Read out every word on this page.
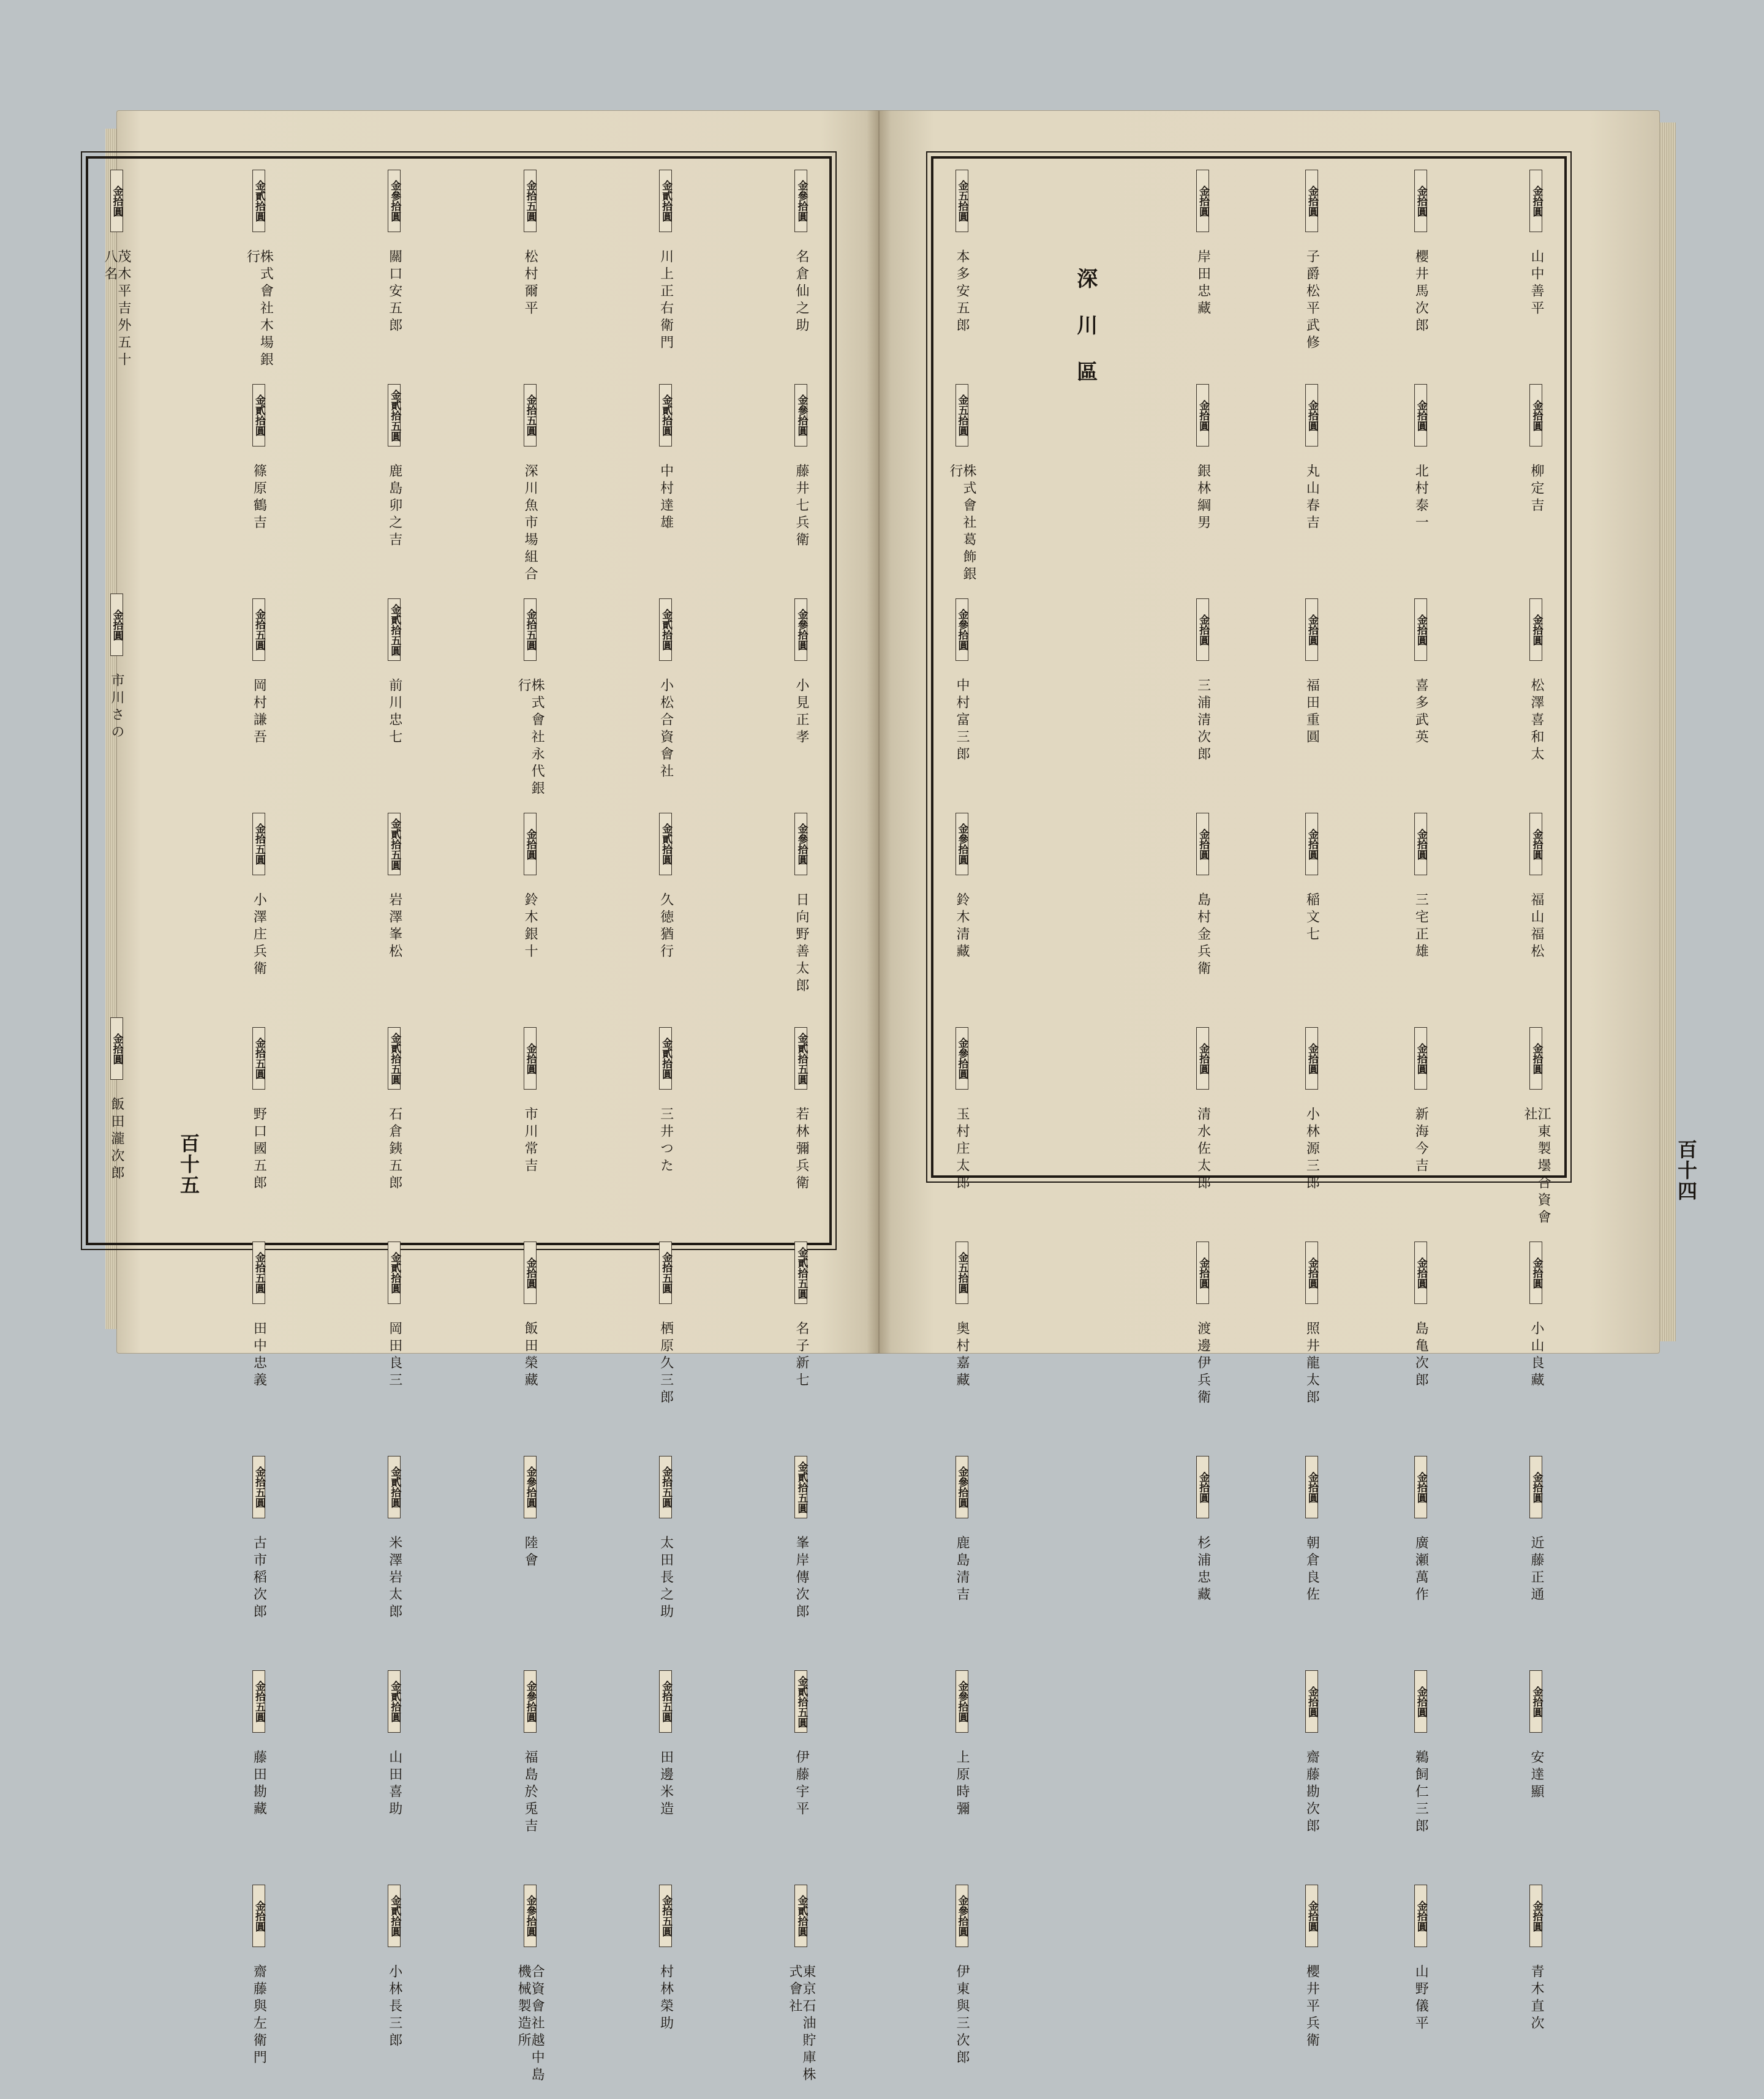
百十五	百十四
金參拾圓
名倉仙之助
金參拾圓
藤井七兵衛
金參拾圓
小見正孝
金參拾圓
日向野善太郎
金貳拾五圓
若林彌兵衛
金貳拾五圓
名子新七
金貳拾五圓
峯岸傳次郎
金貳拾五圓
伊藤宇平
金貳拾圓
東京石油貯庫株式會社
金貳拾圓
川上正右衛門
金貳拾圓
中村達雄
金貳拾圓
小松合資會社
金貳拾圓
久徳猶行
金貳拾圓
三井つた
金拾五圓
栖原久三郎
金拾五圓
太田長之助
金拾五圓
田邊米造
金拾五圓
村林榮助
金拾五圓
松村爾平
金拾五圓
深川魚市場組合
金拾五圓
株式會社永代銀行
金拾圓
鈴木銀十
金拾圓
市川常吉
金拾圓
飯田榮藏
金參拾圓
陸會
金參拾圓
福島於兎吉
金參拾圓
合資會社越中島機械製造所
金參拾圓
關口安五郎
金貳拾五圓
鹿島卯之吉
金貳拾五圓
前川忠七
金貳拾五圓
岩澤峯松
金貳拾五圓
石倉銕五郎
金貳拾圓
岡田良三
金貳拾圓
米澤岩太郎
金貳拾圓
山田喜助
金貳拾圓
小林長三郎
金貳拾圓
株式會社木場銀行
金貳拾圓
篠原鶴吉
金拾五圓
岡村謙吾
金拾五圓
小澤庄兵衛
金拾五圓
野口國五郎
金拾五圓
田中忠義
金拾五圓
古市稻次郎
金拾五圓
藤田勘藏
金拾圓
齋藤與左衛門
金拾圓
茂木平吉外五十八名
金拾圓
市川さの
金拾圓
飯田瀧次郎
金拾圓
山中善平
金拾圓
柳定吉
金拾圓
松澤喜和太
金拾圓
福山福松
金拾圓
江東製壜合資會社
金拾圓
小山良藏
金拾圓
近藤正通
金拾圓
安達顯
金拾圓
青木直次
金拾圓
櫻井馬次郎
金拾圓
北村泰一
金拾圓
喜多武英
金拾圓
三宅正雄
金拾圓
新海今吉
金拾圓
島亀次郎
金拾圓
廣瀬萬作
金拾圓
鵜飼仁三郎
金拾圓
山野儀平
金拾圓
子爵松平武修
金拾圓
丸山春吉
金拾圓
福田重圓
金拾圓
稲文七
金拾圓
小林源三郎
金拾圓
照井龍太郎
金拾圓
朝倉良佐
金拾圓
齋藤勘次郎
金拾圓
櫻井平兵衛
金拾圓
岸田忠藏
金拾圓
銀林綱男
金拾圓
三浦清次郎
金拾圓
島村金兵衛
金拾圓
清水佐太郎
金拾圓
渡邊伊兵衛
金拾圓
杉浦忠藏
深川區
金五拾圓
本多安五郎
金五拾圓
株式會社葛飾銀行
金參拾圓
中村富三郎
金參拾圓
鈴木清藏
金參拾圓
玉村庄太郎
金五拾圓
奥村嘉藏
金參拾圓
鹿島清吉
金參拾圓
上原時彌
金參拾圓
伊東與三次郎
